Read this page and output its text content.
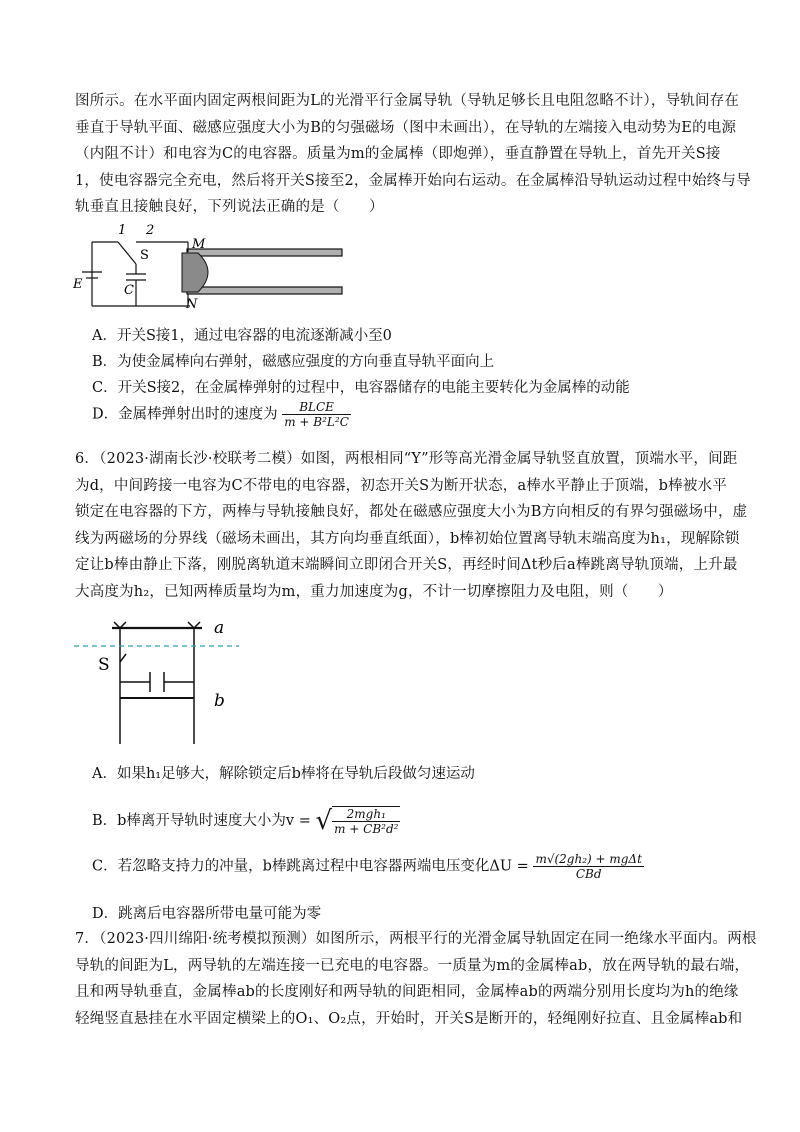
图所示。在水平面内固定两根间距为L的光滑平行金属导轨（导轨足够长且电阻忽略不计），导轨间存在
垂直于导轨平面、磁感应强度大小为B的匀强磁场（图中未画出），在导轨的左端接入电动势为E的电源
（内阻不计）和电容为C的电容器。质量为m的金属棒（即炮弹），垂直静置在导轨上，首先开关S接
1，使电容器完全充电，然后将开关S接至2，金属棒开始向右运动。在金属棒沿导轨运动过程中始终与导
轨垂直且接触良好，下列说法正确的是（　　）
1 2
S
M
N
E	C
A．开关S接1，通过电容器的电流逐渐减小至0
B．为使金属棒向右弹射，磁感应强度的方向垂直导轨平面向上
C．开关S接2，在金属棒弹射的过程中，电容器储存的电能主要转化为金属棒的动能
D．金属棒弹射出时的速度为 $\frac{\text{BLCE}}{\text{m + B²L²C}}$
6．（2023·湖南长沙·校联考二模）如图，两根相同“Y”形等高光滑金属导轨竖直放置，顶端水平，间距
为d，中间跨接一电容为C不带电的电容器，初态开关S为断开状态，a棒水平静止于顶端，b棒被水平
锁定在电容器的下方，两棒与导轨接触良好，都处在磁感应强度大小为B方向相反的有界匀强磁场中，虚
线为两磁场的分界线（磁场未画出，其方向均垂直纸面），b棒初始位置离导轨末端高度为h₁，现解除锁
定让b棒由静止下落，刚脱离轨道末端瞬间立即闭合开关S，再经时间Δt秒后a棒跳离导轨顶端，上升最
大高度为h₂，已知两棒质量均为m，重力加速度为g，不计一切摩擦阻力及电阻，则（　　）
a
b
S
A．如果h₁足够大，解除锁定后b棒将在导轨后段做匀速运动
B．b棒离开导轨时速度大小为v = √ $\frac{\text{2mgh₁}}{\text{m + CB²d²}}$
C．若忽略支持力的冲量，b棒跳离过程中电容器两端电压变化$\Delta U = \frac{\text{m√(2gh₂) + mgΔt}}{\text{CBd}}$
D．跳离后电容器所带电量可能为零
7．（2023·四川绵阳·统考模拟预测）如图所示，两根平行的光滑金属导轨固定在同一绝缘水平面内。两根
导轨的间距为L，两导轨的左端连接一已充电的电容器。一质量为m的金属棒ab，放在两导轨的最右端，
且和两导轨垂直，金属棒ab的长度刚好和两导轨的间距相同，金属棒ab的两端分别用长度均为h的绝缘
轻绳竖直悬挂在水平固定横梁上的O₁、O₂点，开始时，开关S是断开的，轻绳刚好拉直、且金属棒ab和
